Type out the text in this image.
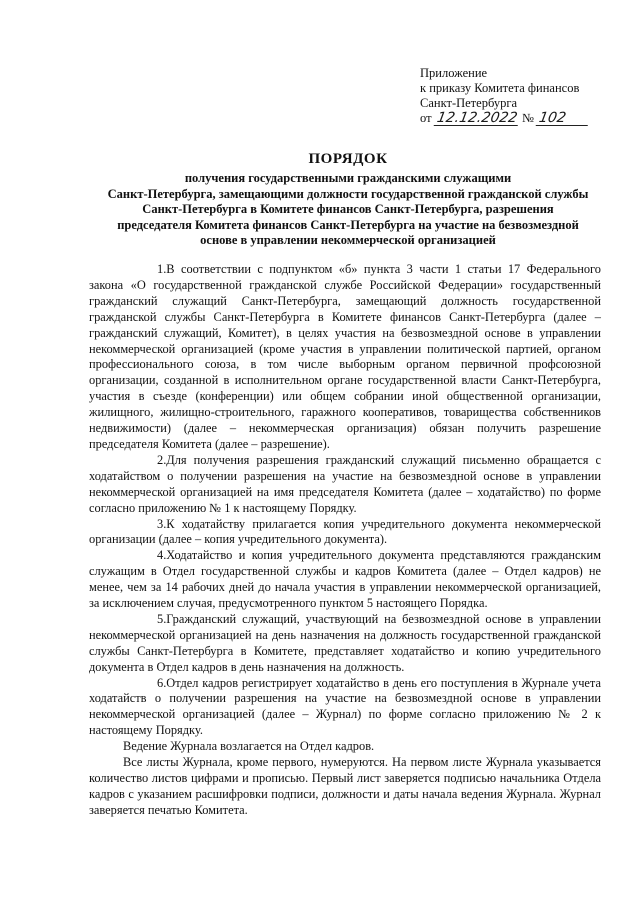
Приложение
к приказу Комитета финансов
Санкт-Петербурга
от 12.12.2022 № 102
ПОРЯДОК
получения государственными гражданскими служащими
Санкт-Петербурга, замещающими должности государственной гражданской службы
Санкт-Петербурга в Комитете финансов Санкт-Петербурга, разрешения
председателя Комитета финансов Санкт-Петербурга на участие на безвозмездной
основе в управлении некоммерческой организацией

1.В соответствии с подпунктом «б» пункта 3 части 1 статьи 17 Федерального закона «О государственной гражданской службе Российской Федерации» государственный гражданский служащий Санкт-Петербурга, замещающий должность государственной гражданской службы Санкт-Петербурга в Комитете финансов Санкт-Петербурга (далее – гражданский служащий, Комитет), в целях участия на безвозмездной основе в управлении некоммерческой организацией (кроме участия в управлении политической партией, органом профессионального союза, в том числе выборным органом первичной профсоюзной организации, созданной в исполнительном органе государственной власти Санкт-Петербурга, участия в съезде (конференции) или общем собрании иной общественной организации, жилищного, жилищно-строительного, гаражного кооперативов, товарищества собственников недвижимости) (далее – некоммерческая организация) обязан получить разрешение председателя Комитета (далее – разрешение).

2.Для получения разрешения гражданский служащий письменно обращается с ходатайством о получении разрешения на участие на безвозмездной основе в управлении некоммерческой организацией на имя председателя Комитета (далее – ходатайство) по форме согласно приложению № 1 к настоящему Порядку.

3.К ходатайству прилагается копия учредительного документа некоммерческой организации (далее – копия учредительного документа).

4.Ходатайство и копия учредительного документа представляются гражданским служащим в Отдел государственной службы и кадров Комитета (далее – Отдел кадров) не менее, чем за 14 рабочих дней до начала участия в управлении некоммерческой организацией, за исключением случая, предусмотренного пунктом 5 настоящего Порядка.

5.Гражданский служащий, участвующий на безвозмездной основе в управлении некоммерческой организацией на день назначения на должность государственной гражданской службы Санкт-Петербурга в Комитете, представляет ходатайство и копию учредительного документа в Отдел кадров в день назначения на должность.

6.Отдел кадров регистрирует ходатайство в день его поступления в Журнале учета ходатайств о получении разрешения на участие на безвозмездной основе в управлении некоммерческой организацией (далее – Журнал) по форме согласно приложению № 2 к настоящему Порядку.

Ведение Журнала возлагается на Отдел кадров.

Все листы Журнала, кроме первого, нумеруются. На первом листе Журнала указывается количество листов цифрами и прописью. Первый лист заверяется подписью начальника Отдела кадров с указанием расшифровки подписи, должности и даты начала ведения Журнала. Журнал заверяется печатью Комитета.
